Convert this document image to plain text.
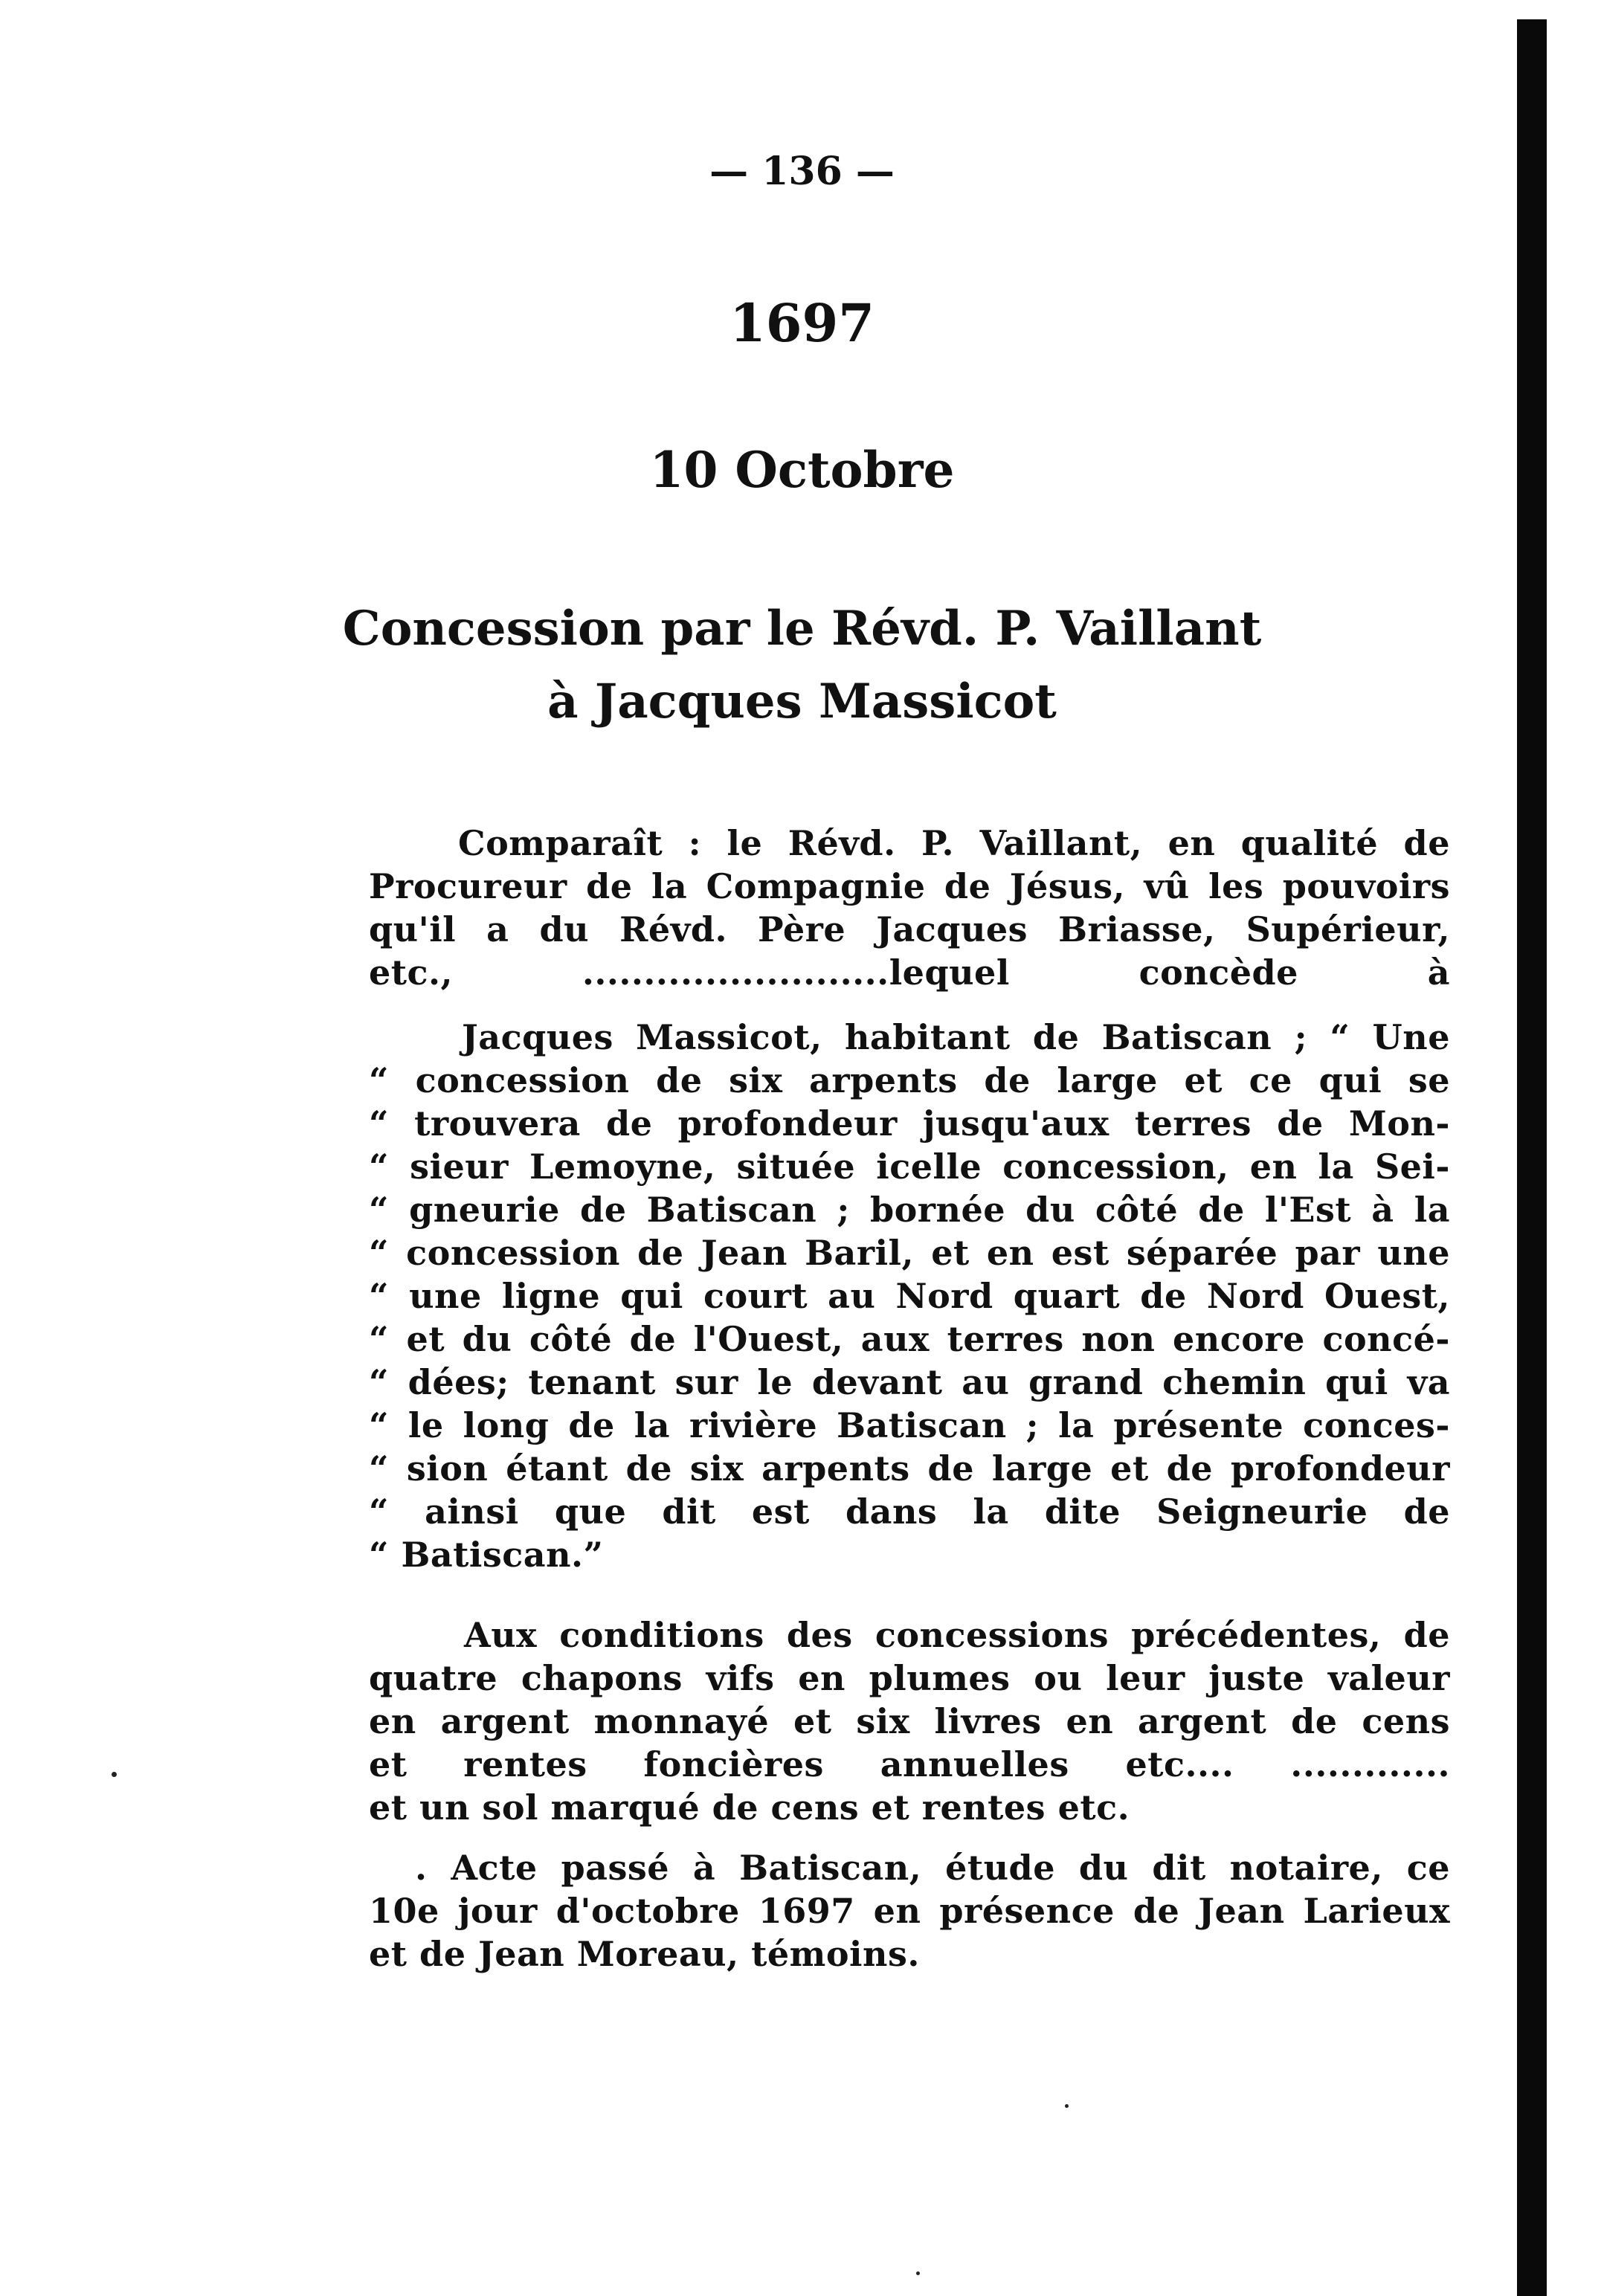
— 136 —
1697
10 Octobre
Concession par le Révd. P. Vaillant
à Jacques Massicot
Comparaît : le Révd. P. Vaillant, en qualité de
Procureur de la Compagnie de Jésus, vû les pouvoirs
qu'il a du Révd. Père Jacques Briasse, Supérieur,
etc., .........................lequel concède à
Jacques Massicot, habitant de Batiscan ; “ Une
“ concession de six arpents de large et ce qui se
“ trouvera de profondeur jusqu'aux terres de Mon-
“ sieur Lemoyne, située icelle concession, en la Sei-
“ gneurie de Batiscan ; bornée du côté de l'Est à la
“ concession de Jean Baril, et en est séparée par une
“ une ligne qui court au Nord quart de Nord Ouest,
“ et du côté de l'Ouest, aux terres non encore concé-
“ dées; tenant sur le devant au grand chemin qui va
“ le long de la rivière Batiscan ; la présente conces-
“ sion étant de six arpents de large et de profondeur
“ ainsi que dit est dans la dite Seigneurie de
“ Batiscan.”
Aux conditions des concessions précédentes, de
quatre chapons vifs en plumes ou leur juste valeur
en argent monnayé et six livres en argent de cens
et rentes foncières annuelles etc.... .............
et un sol marqué de cens et rentes etc.
. Acte passé à Batiscan, étude du dit notaire, ce
10e jour d'octobre 1697 en présence de Jean Larieux
et de Jean Moreau, témoins.
